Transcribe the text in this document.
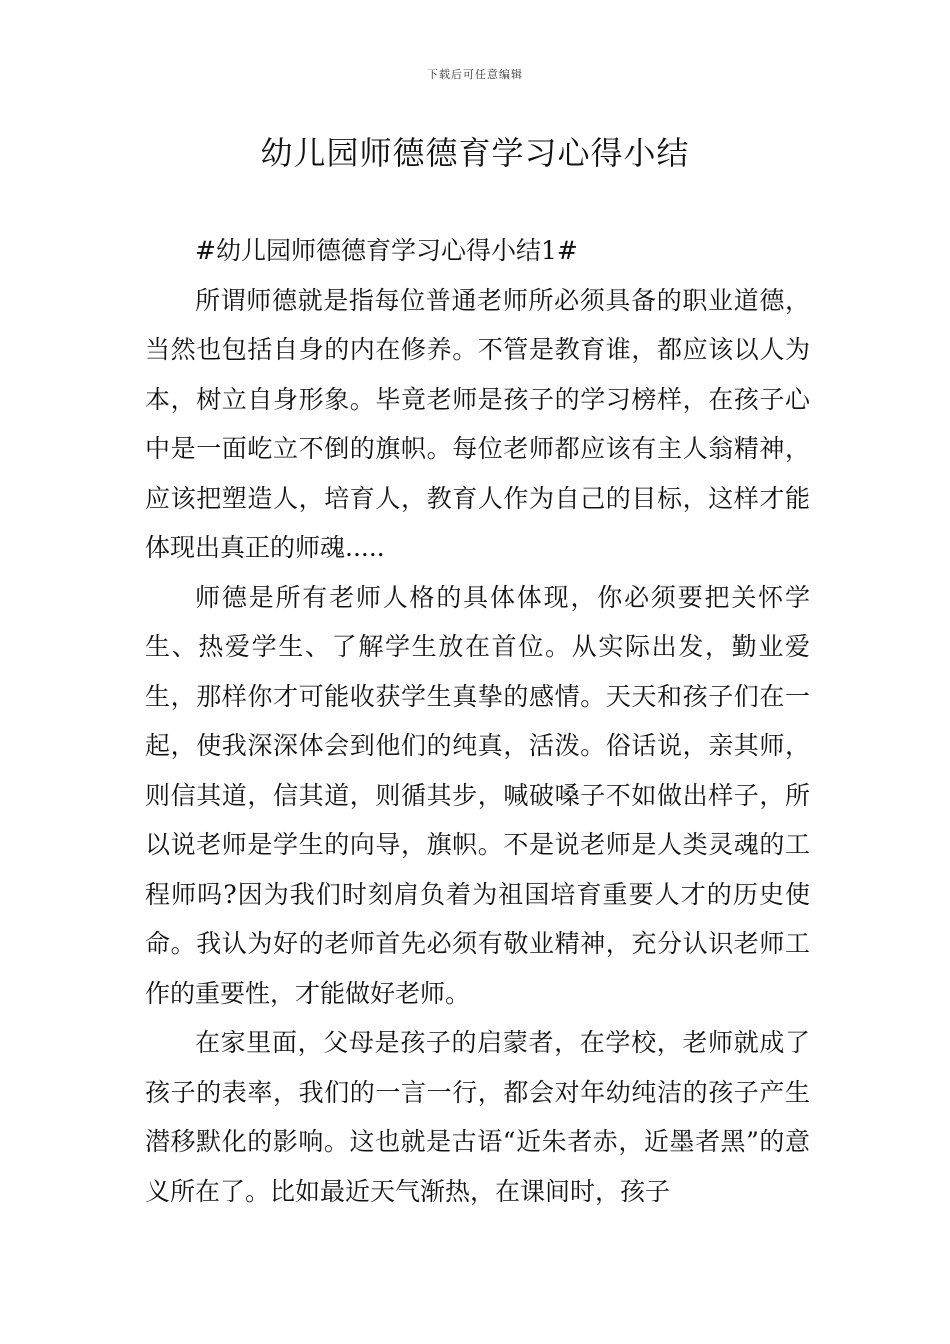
下载后可任意编辑
幼儿园师德德育学习心得小结

#幼儿园师德德育学习心得小结1#

所谓师德就是指每位普通老师所必须具备的职业道德，当然也包括自身的内在修养。不管是教育谁，都应该以人为本，树立自身形象。毕竟老师是孩子的学习榜样，在孩子心中是一面屹立不倒的旗帜。每位老师都应该有主人翁精神，应该把塑造人，培育人，教育人作为自己的目标，这样才能体现出真正的师魂.....

师德是所有老师人格的具体体现，你必须要把关怀学生、热爱学生、了解学生放在首位。从实际出发，勤业爱生，那样你才可能收获学生真挚的感情。天天和孩子们在一起，使我深深体会到他们的纯真，活泼。俗话说，亲其师，则信其道，信其道，则循其步，喊破嗓子不如做出样子，所以说老师是学生的向导，旗帜。不是说老师是人类灵魂的工程师吗?因为我们时刻肩负着为祖国培育重要人才的历史使命。我认为好的老师首先必须有敬业精神，充分认识老师工作的重要性，才能做好老师。

在家里面，父母是孩子的启蒙者，在学校，老师就成了孩子的表率，我们的一言一行，都会对年幼纯洁的孩子产生潜移默化的影响。这也就是古语“近朱者赤，近墨者黑”的意义所在了。比如最近天气渐热，在课间时，孩子
